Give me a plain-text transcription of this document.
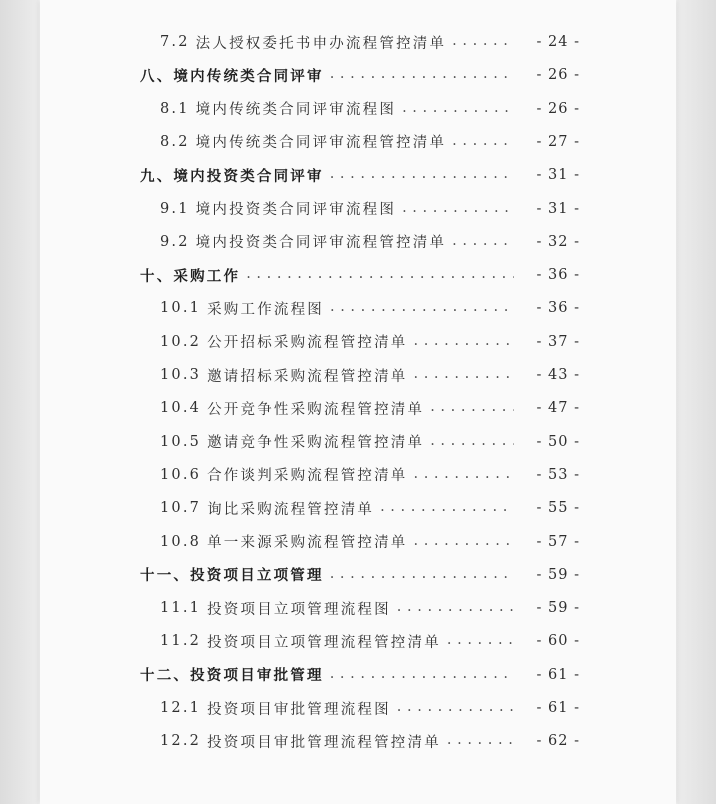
7.2 法人授权委托书申办流程管控清单 . . .	- 24 -
八、境内传统类合同评审 . . .	- 26 -
8.1 境内传统类合同评审流程图 . . .	- 26 -
8.2 境内传统类合同评审流程管控清单 . . .	- 27 -
九、境内投资类合同评审 . . .	- 31 -
9.1 境内投资类合同评审流程图 . . .	- 31 -
9.2 境内投资类合同评审流程管控清单 . . .	- 32 -
十、采购工作 . . .	- 36 -
10.1 采购工作流程图 . . .	- 36 -
10.2 公开招标采购流程管控清单 . . .	- 37 -
10.3 邀请招标采购流程管控清单 . . .	- 43 -
10.4 公开竞争性采购流程管控清单 . . .	- 47 -
10.5 邀请竞争性采购流程管控清单 . . .	- 50 -
10.6 合作谈判采购流程管控清单 . . .	- 53 -
10.7 询比采购流程管控清单 . . .	- 55 -
10.8 单一来源采购流程管控清单 . . .	- 57 -
十一、投资项目立项管理 . . .	- 59 -
11.1 投资项目立项管理流程图 . . .	- 59 -
11.2 投资项目立项管理流程管控清单 . . .	- 60 -
十二、投资项目审批管理 . . .	- 61 -
12.1 投资项目审批管理流程图 . . .	- 61 -
12.2 投资项目审批管理流程管控清单 . . .	- 62 -
